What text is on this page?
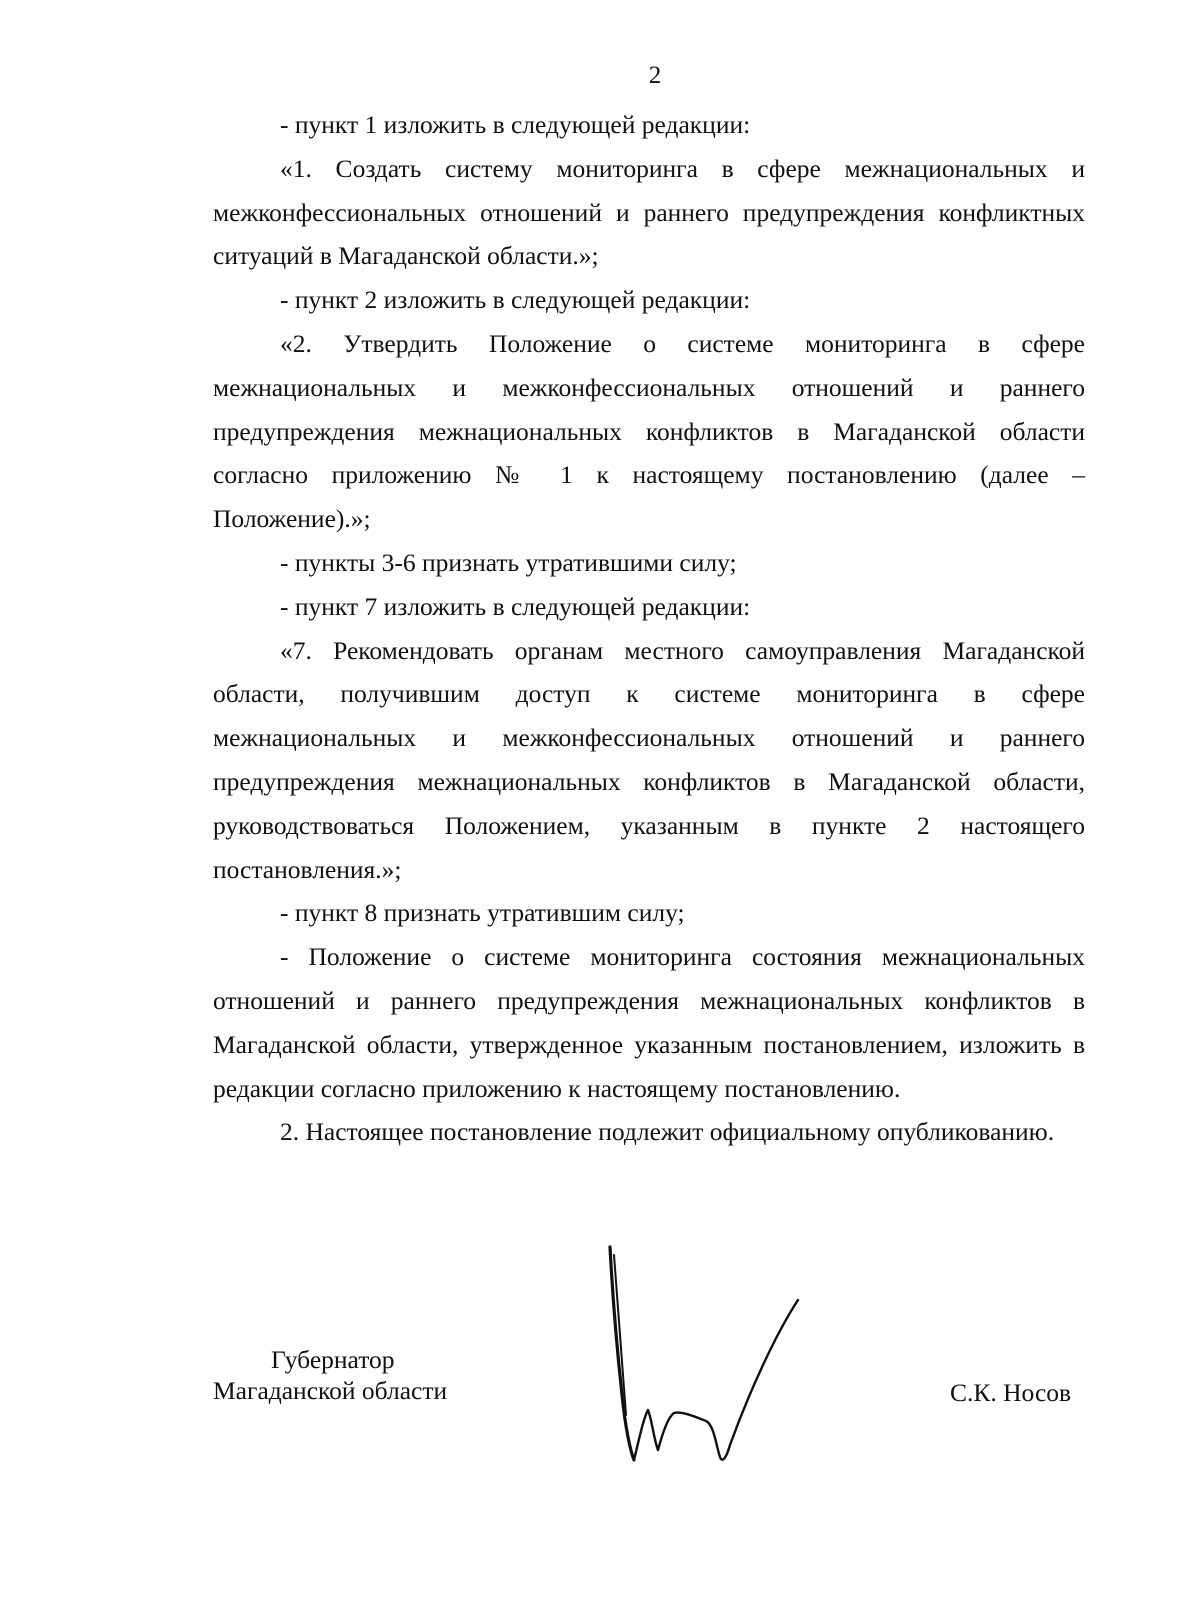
2

- пункт 1 изложить в следующей редакции:

«1. Создать систему мониторинга в сфере межнациональных и межконфессиональных отношений и раннего предупреждения конфликтных ситуаций в Магаданской области.»;

- пункт 2 изложить в следующей редакции:

«2. Утвердить Положение о системе мониторинга в сфере межнациональных и межконфессиональных отношений и раннего предупреждения межнациональных конфликтов в Магаданской области согласно приложению № 1 к настоящему постановлению (далее – Положение).»;

- пункты 3-6 признать утратившими силу;

- пункт 7 изложить в следующей редакции:

«7. Рекомендовать органам местного самоуправления Магаданской области, получившим доступ к системе мониторинга в сфере межнациональных и межконфессиональных отношений и раннего предупреждения межнациональных конфликтов в Магаданской области, руководствоваться Положением, указанным в пункте 2 настоящего постановления.»;

- пункт 8 признать утратившим силу;

- Положение о системе мониторинга состояния межнациональных отношений и раннего предупреждения межнациональных конфликтов в Магаданской области, утвержденное указанным постановлением, изложить в редакции согласно приложению к настоящему постановлению.

2. Настоящее постановление подлежит официальному опубликованию.

Губернатор
Магаданской области	С.К. Носов
